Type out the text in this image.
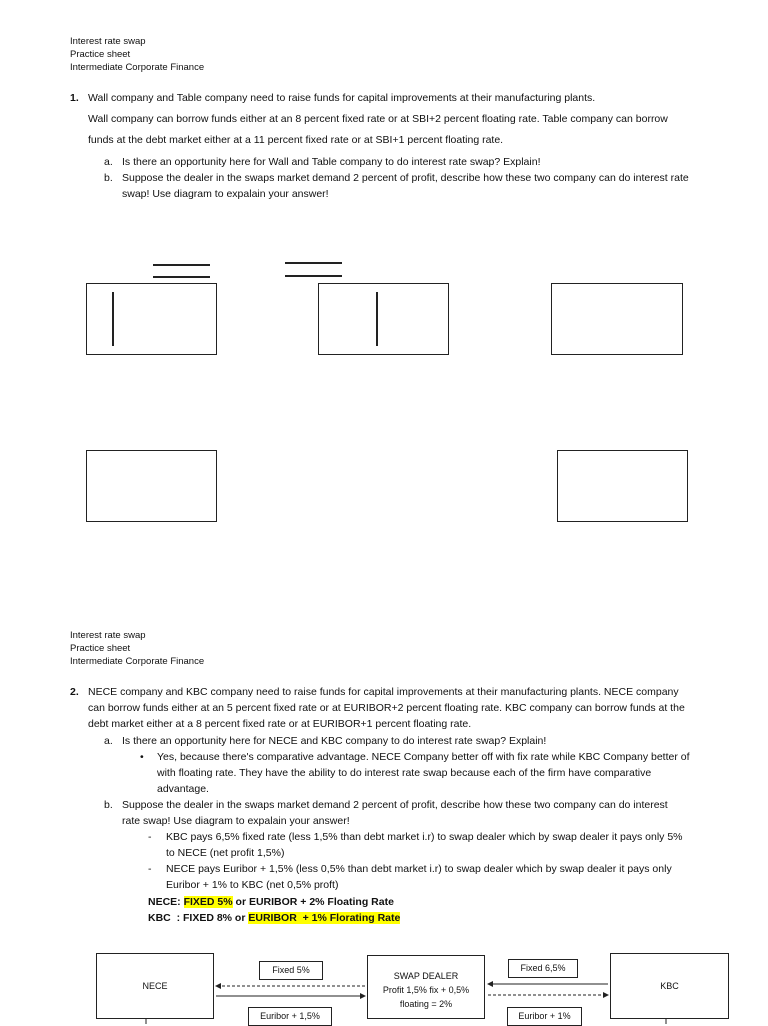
Interest rate swap
Practice sheet
Intermediate Corporate Finance
1. Wall company and Table company need to raise funds for capital improvements at their manufacturing plants.
Wall company can borrow funds either at an 8 percent fixed rate or at SBI+2 percent floating rate. Table company can borrow
funds at the debt market either at a 11 percent fixed rate or at SBI+1 percent floating rate.
a. Is there an opportunity here for Wall and Table company to do interest rate swap? Explain!
b. Suppose the dealer in the swaps market demand 2 percent of profit, describe how these two company can do interest rate
swap! Use diagram to expalain your answer!
Interest rate swap
Practice sheet
Intermediate Corporate Finance
2. NECE company and KBC company need to raise funds for capital improvements at their manufacturing plants. NECE company
can borrow funds either at an 5 percent fixed rate or at EURIBOR+2 percent floating rate. KBC company can borrow funds at the
debt market either at a 8 percent fixed rate or at EURIBOR+1 percent floating rate.
a. Is there an opportunity here for NECE and KBC company to do interest rate swap? Explain!
• Yes, because there's comparative advantage. NECE Company better off with fix rate while KBC Company better of
with floating rate. They have the ability to do interest rate swap because each of the firm have comparative
advantage.
b. Suppose the dealer in the swaps market demand 2 percent of profit, describe how these two company can do interest
rate swap! Use diagram to expalain your answer!
- KBC pays 6,5% fixed rate (less 1,5% than debt market i.r) to swap dealer which by swap dealer it pays only 5%
to NECE (net profit 1,5%)
- NECE pays Euribor + 1,5% (less 0,5% than debt market i.r) to swap dealer which by swap dealer it pays only
Euribor + 1% to KBC (net 0,5% proft)
NECE: FIXED 5% or EURIBOR + 2% Floating Rate
KBC  : FIXED 8% or EURIBOR  + 1% Florating Rate
NECE
SWAP DEALER
Profit 1,5% fix + 0,5%
floating = 2%
KBC
Fixed 5%	Fixed 6,5%
Euribor + 1,5%	Euribor + 1%
